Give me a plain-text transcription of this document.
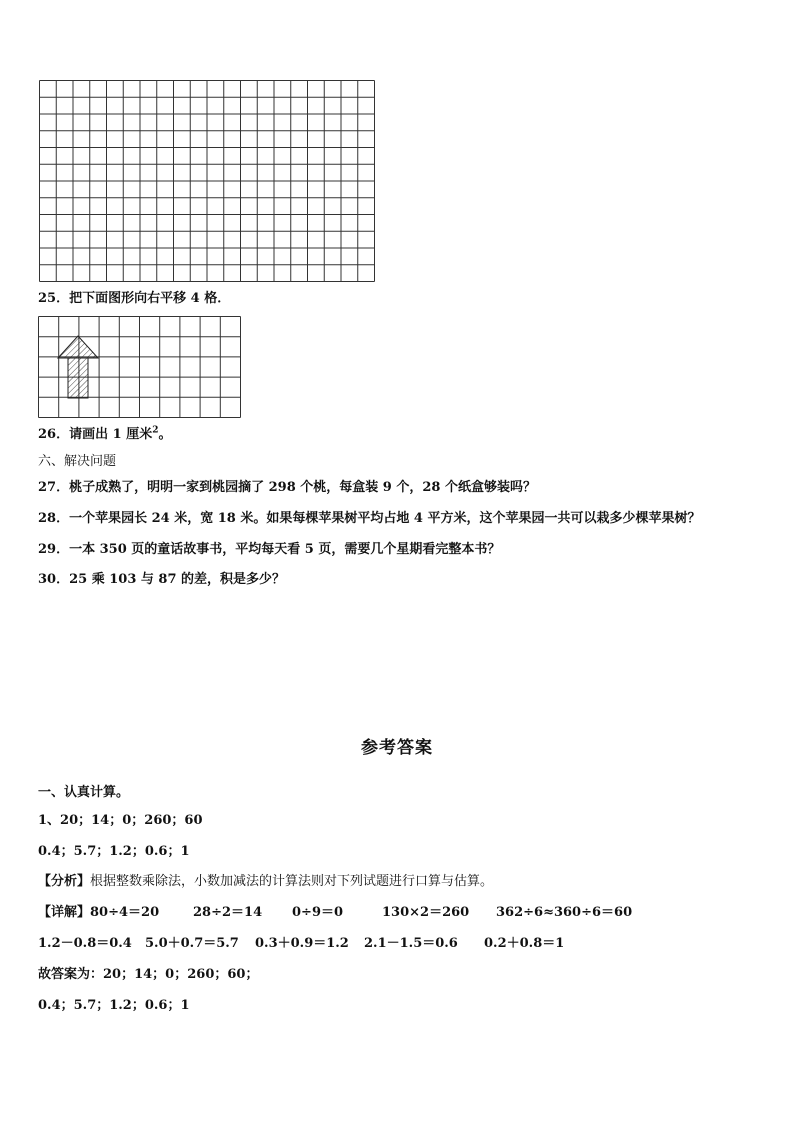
25．把下面图形向右平移 4 格．
26．请画出 1 厘米$^2$。
六、解决问题
27．桃子成熟了，明明一家到桃园摘了 298 个桃，每盒装 9 个，28 个纸盒够装吗？
28．一个苹果园长 24 米，宽 18 米。如果每棵苹果树平均占地 4 平方米，这个苹果园一共可以栽多少棵苹果树？
29．一本 350 页的童话故事书，平均每天看 5 页，需要几个星期看完整本书？
30．25 乘 103 与 87 的差，积是多少？
参考答案
一、认真计算。
1、20；14；0；260；60
0.4；5.7；1.2；0.6；1
【分析】根据整数乘除法，小数加减法的计算法则对下列试题进行口算与估算。
【详解】80÷4＝20	28÷2＝14 0÷9＝0	130×2＝260 362÷6≈360÷6＝60
1.2－0.8＝0.4 5.0＋0.7＝5.7 0.3＋0.9＝1.2 2.1－1.5＝0.6 0.2＋0.8＝1
故答案为：20；14；0；260；60；
0.4；5.7；1.2；0.6；1
